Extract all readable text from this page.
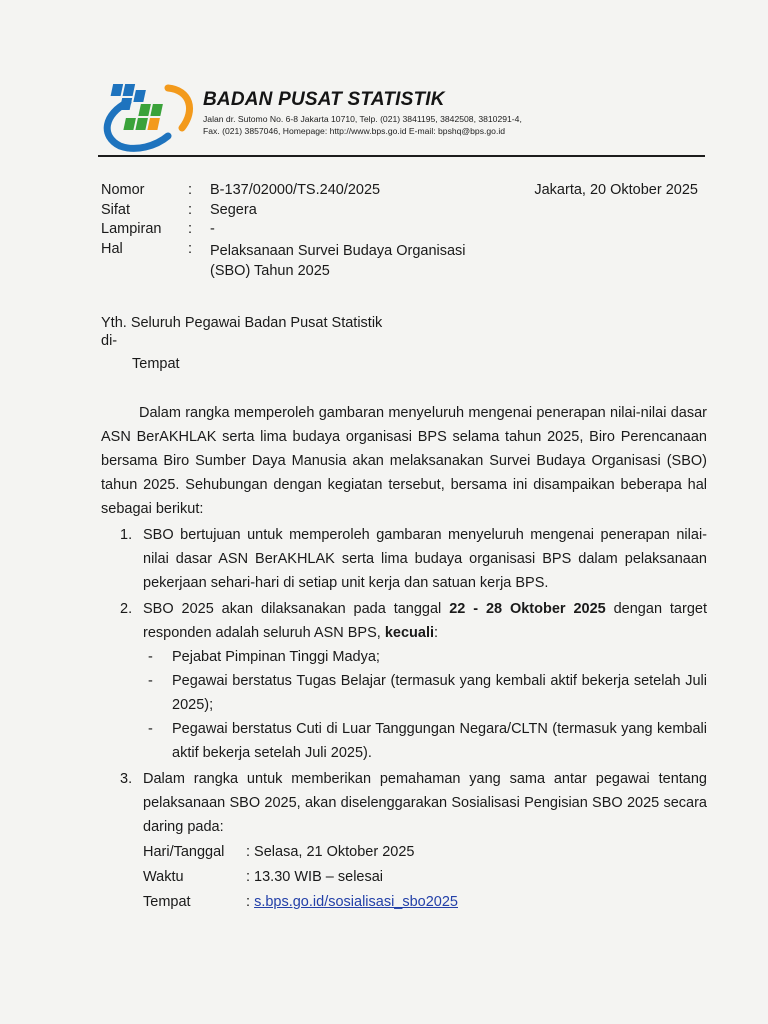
BADAN PUSAT STATISTIK
Jalan dr. Sutomo No. 6-8 Jakarta 10710, Telp. (021) 3841195, 3842508, 3810291-4,
Fax. (021) 3857046, Homepage: http://www.bps.go.id E-mail: bpshq@bps.go.id
Nomor	: B-137/02000/TS.240/2025
Sifat	: Segera
Lampiran : -
Hal	: Pelaksanaan Survei Budaya Organisasi
(SBO) Tahun 2025
Jakarta, 20 Oktober 2025
Yth. Seluruh Pegawai Badan Pusat Statistik
di-
Tempat

Dalam rangka memperoleh gambaran menyeluruh mengenai penerapan nilai-nilai dasar ASN BerAKHLAK serta lima budaya organisasi BPS selama tahun 2025, Biro Perencanaan bersama Biro Sumber Daya Manusia akan melaksanakan Survei Budaya Organisasi (SBO) tahun 2025. Sehubungan dengan kegiatan tersebut, bersama ini disampaikan beberapa hal sebagai berikut:

1. SBO bertujuan untuk memperoleh gambaran menyeluruh mengenai penerapan nilai-nilai dasar ASN BerAKHLAK serta lima budaya organisasi BPS dalam pelaksanaan pekerjaan sehari-hari di setiap unit kerja dan satuan kerja BPS.
2. SBO 2025 akan dilaksanakan pada tanggal 22 - 28 Oktober 2025 dengan target responden adalah seluruh ASN BPS, kecuali:
- Pejabat Pimpinan Tinggi Madya;
- Pegawai berstatus Tugas Belajar (termasuk yang kembali aktif bekerja setelah Juli 2025);
- Pegawai berstatus Cuti di Luar Tanggungan Negara/CLTN (termasuk yang kembali aktif bekerja setelah Juli 2025).
3. Dalam rangka untuk memberikan pemahaman yang sama antar pegawai tentang pelaksanaan SBO 2025, akan diselenggarakan Sosialisasi Pengisian SBO 2025 secara daring pada:
Hari/Tanggal : Selasa, 21 Oktober 2025
Waktu	: 13.30 WIB – selesai
Tempat	: s.bps.go.id/sosialisasi_sbo2025
